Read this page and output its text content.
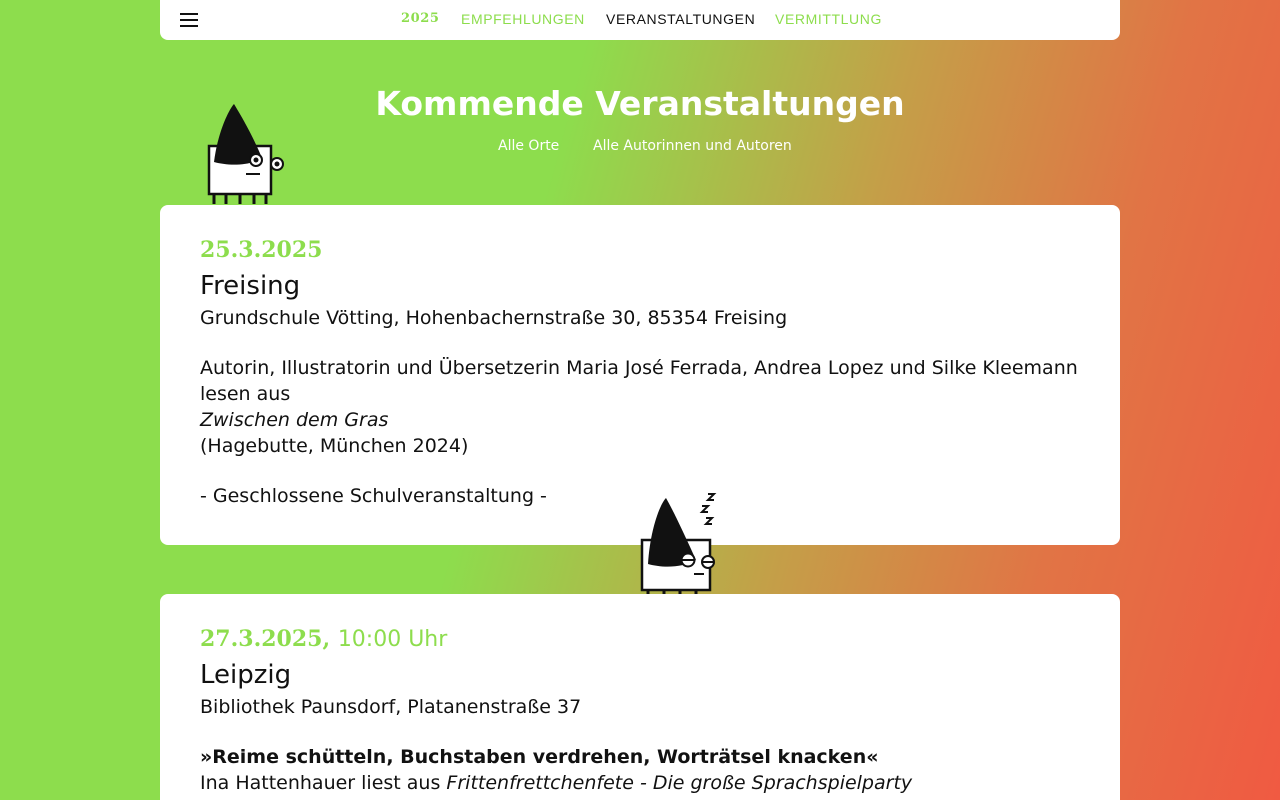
2025 EMPFEHLUNGEN VERANSTALTUNGEN VERMITTLUNG
Kommende Veranstaltungen
Alle Orte Alle Autorinnen und Autoren
25.3.2025
Freising
Grundschule Vötting, Hohenbachernstraße 30, 85354 Freising
Autorin, Illustratorin und Übersetzerin Maria José Ferrada, Andrea Lopez und Silke Kleemann
lesen aus
Zwischen dem Gras
(Hagebutte, München 2024)
- Geschlossene Schulveranstaltung -
27.3.2025, 10:00 Uhr
Leipzig
Bibliothek Paunsdorf, Platanenstraße 37
»Reime schütteln, Buchstaben verdrehen, Worträtsel knacken«
Ina Hattenhauer liest aus Frittenfrettchenfete - Die große Sprachspielparty
